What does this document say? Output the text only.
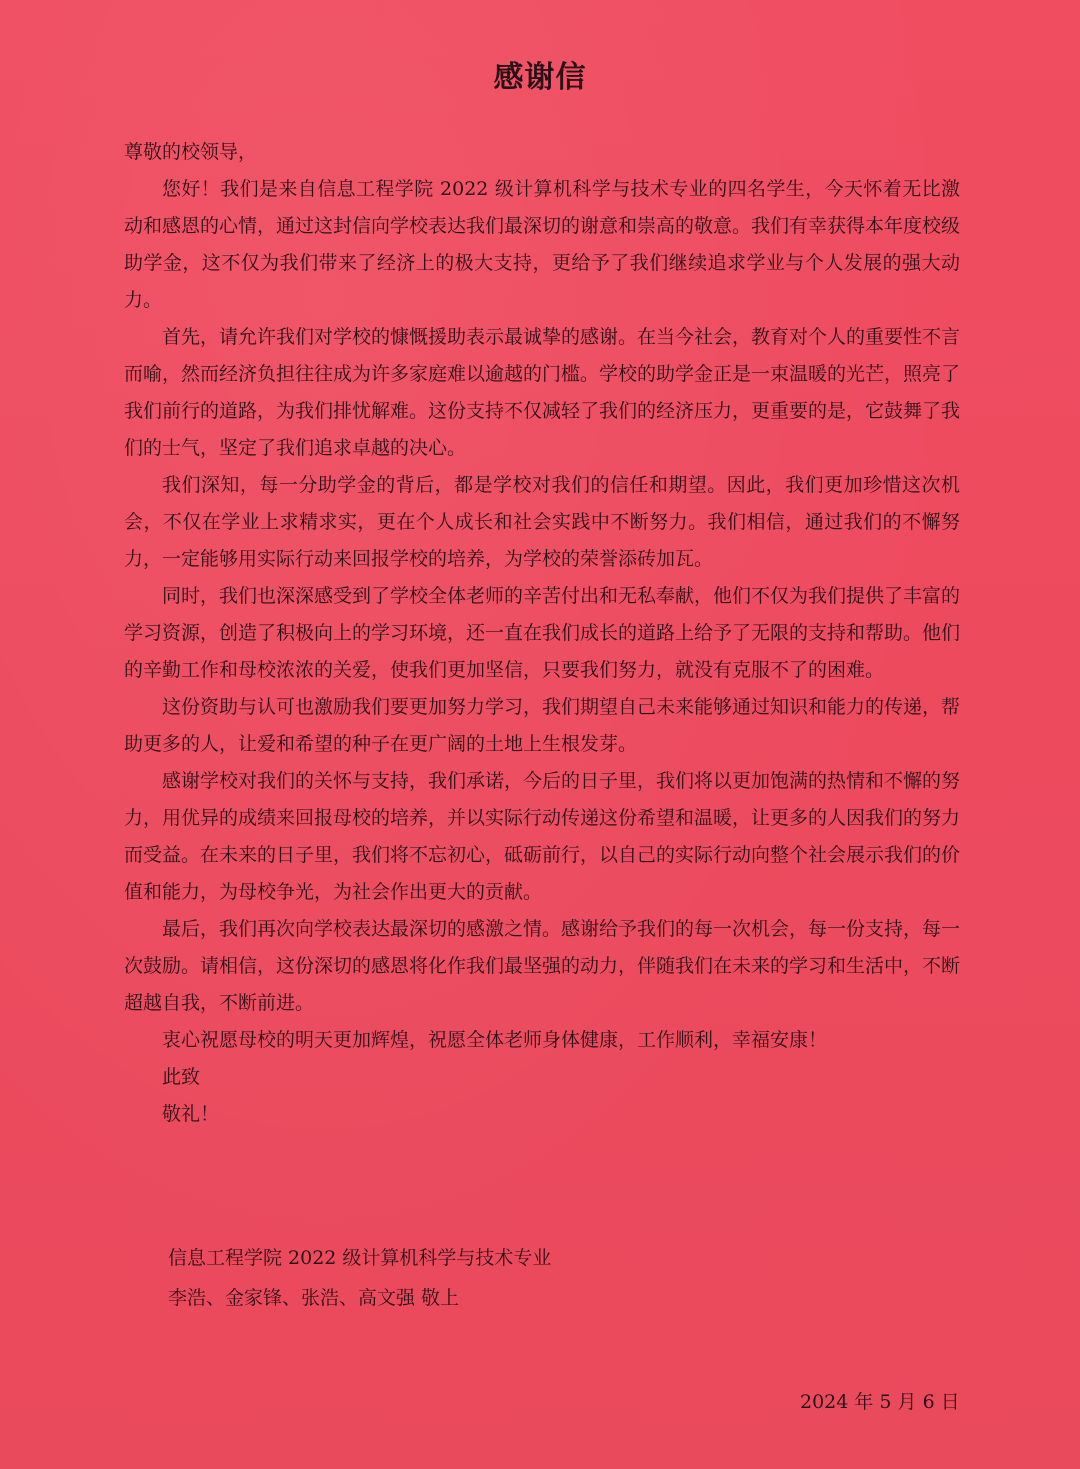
感谢信
尊敬的校领导，

您好！我们是来自信息工程学院 2022 级计算机科学与技术专业的四名学生，今天怀着无比激动和感恩的心情，通过这封信向学校表达我们最深切的谢意和崇高的敬意。我们有幸获得本年度校级助学金，这不仅为我们带来了经济上的极大支持，更给予了我们继续追求学业与个人发展的强大动力。

首先，请允许我们对学校的慷慨援助表示最诚挚的感谢。在当今社会，教育对个人的重要性不言而喻，然而经济负担往往成为许多家庭难以逾越的门槛。学校的助学金正是一束温暖的光芒，照亮了我们前行的道路，为我们排忧解难。这份支持不仅减轻了我们的经济压力，更重要的是，它鼓舞了我们的士气，坚定了我们追求卓越的决心。

我们深知，每一分助学金的背后，都是学校对我们的信任和期望。因此，我们更加珍惜这次机会，不仅在学业上求精求实，更在个人成长和社会实践中不断努力。我们相信，通过我们的不懈努力，一定能够用实际行动来回报学校的培养，为学校的荣誉添砖加瓦。

同时，我们也深深感受到了学校全体老师的辛苦付出和无私奉献，他们不仅为我们提供了丰富的学习资源，创造了积极向上的学习环境，还一直在我们成长的道路上给予了无限的支持和帮助。他们的辛勤工作和母校浓浓的关爱，使我们更加坚信，只要我们努力，就没有克服不了的困难。

这份资助与认可也激励我们要更加努力学习，我们期望自己未来能够通过知识和能力的传递，帮助更多的人，让爱和希望的种子在更广阔的土地上生根发芽。

感谢学校对我们的关怀与支持，我们承诺，今后的日子里，我们将以更加饱满的热情和不懈的努力，用优异的成绩来回报母校的培养，并以实际行动传递这份希望和温暖，让更多的人因我们的努力而受益。在未来的日子里，我们将不忘初心，砥砺前行，以自己的实际行动向整个社会展示我们的价值和能力，为母校争光，为社会作出更大的贡献。

最后，我们再次向学校表达最深切的感激之情。感谢给予我们的每一次机会，每一份支持，每一次鼓励。请相信，这份深切的感恩将化作我们最坚强的动力，伴随我们在未来的学习和生活中，不断超越自我，不断前进。

衷心祝愿母校的明天更加辉煌，祝愿全体老师身体健康，工作顺利，幸福安康！

此致
敬礼！
信息工程学院 2022 级计算机科学与技术专业
李浩、金家锋、张浩、高文强 敬上
2024 年 5 月 6 日
